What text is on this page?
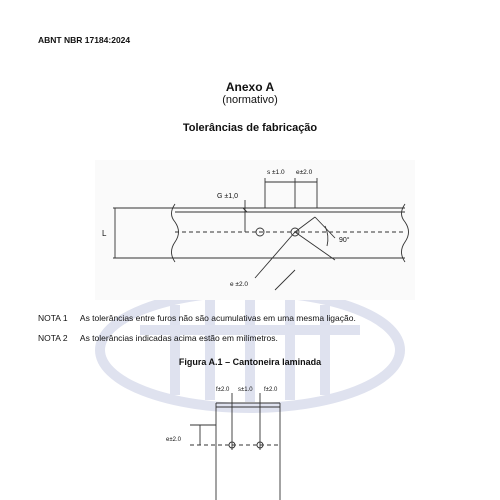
ABNT NBR 17184:2024
Anexo A
(normativo)
Tolerâncias de fabricação
G ±1,0
L
s ±1.0 e±2.0
90°
e ±2.0
NOTA 1 As tolerâncias entre furos não são acumulativas em uma mesma ligação.
NOTA 2 As tolerâncias indicadas acima estão em milímetros.
Figura A.1 – Cantoneira laminada
f±2.0 s±1.0 f±2.0
e±2.0
